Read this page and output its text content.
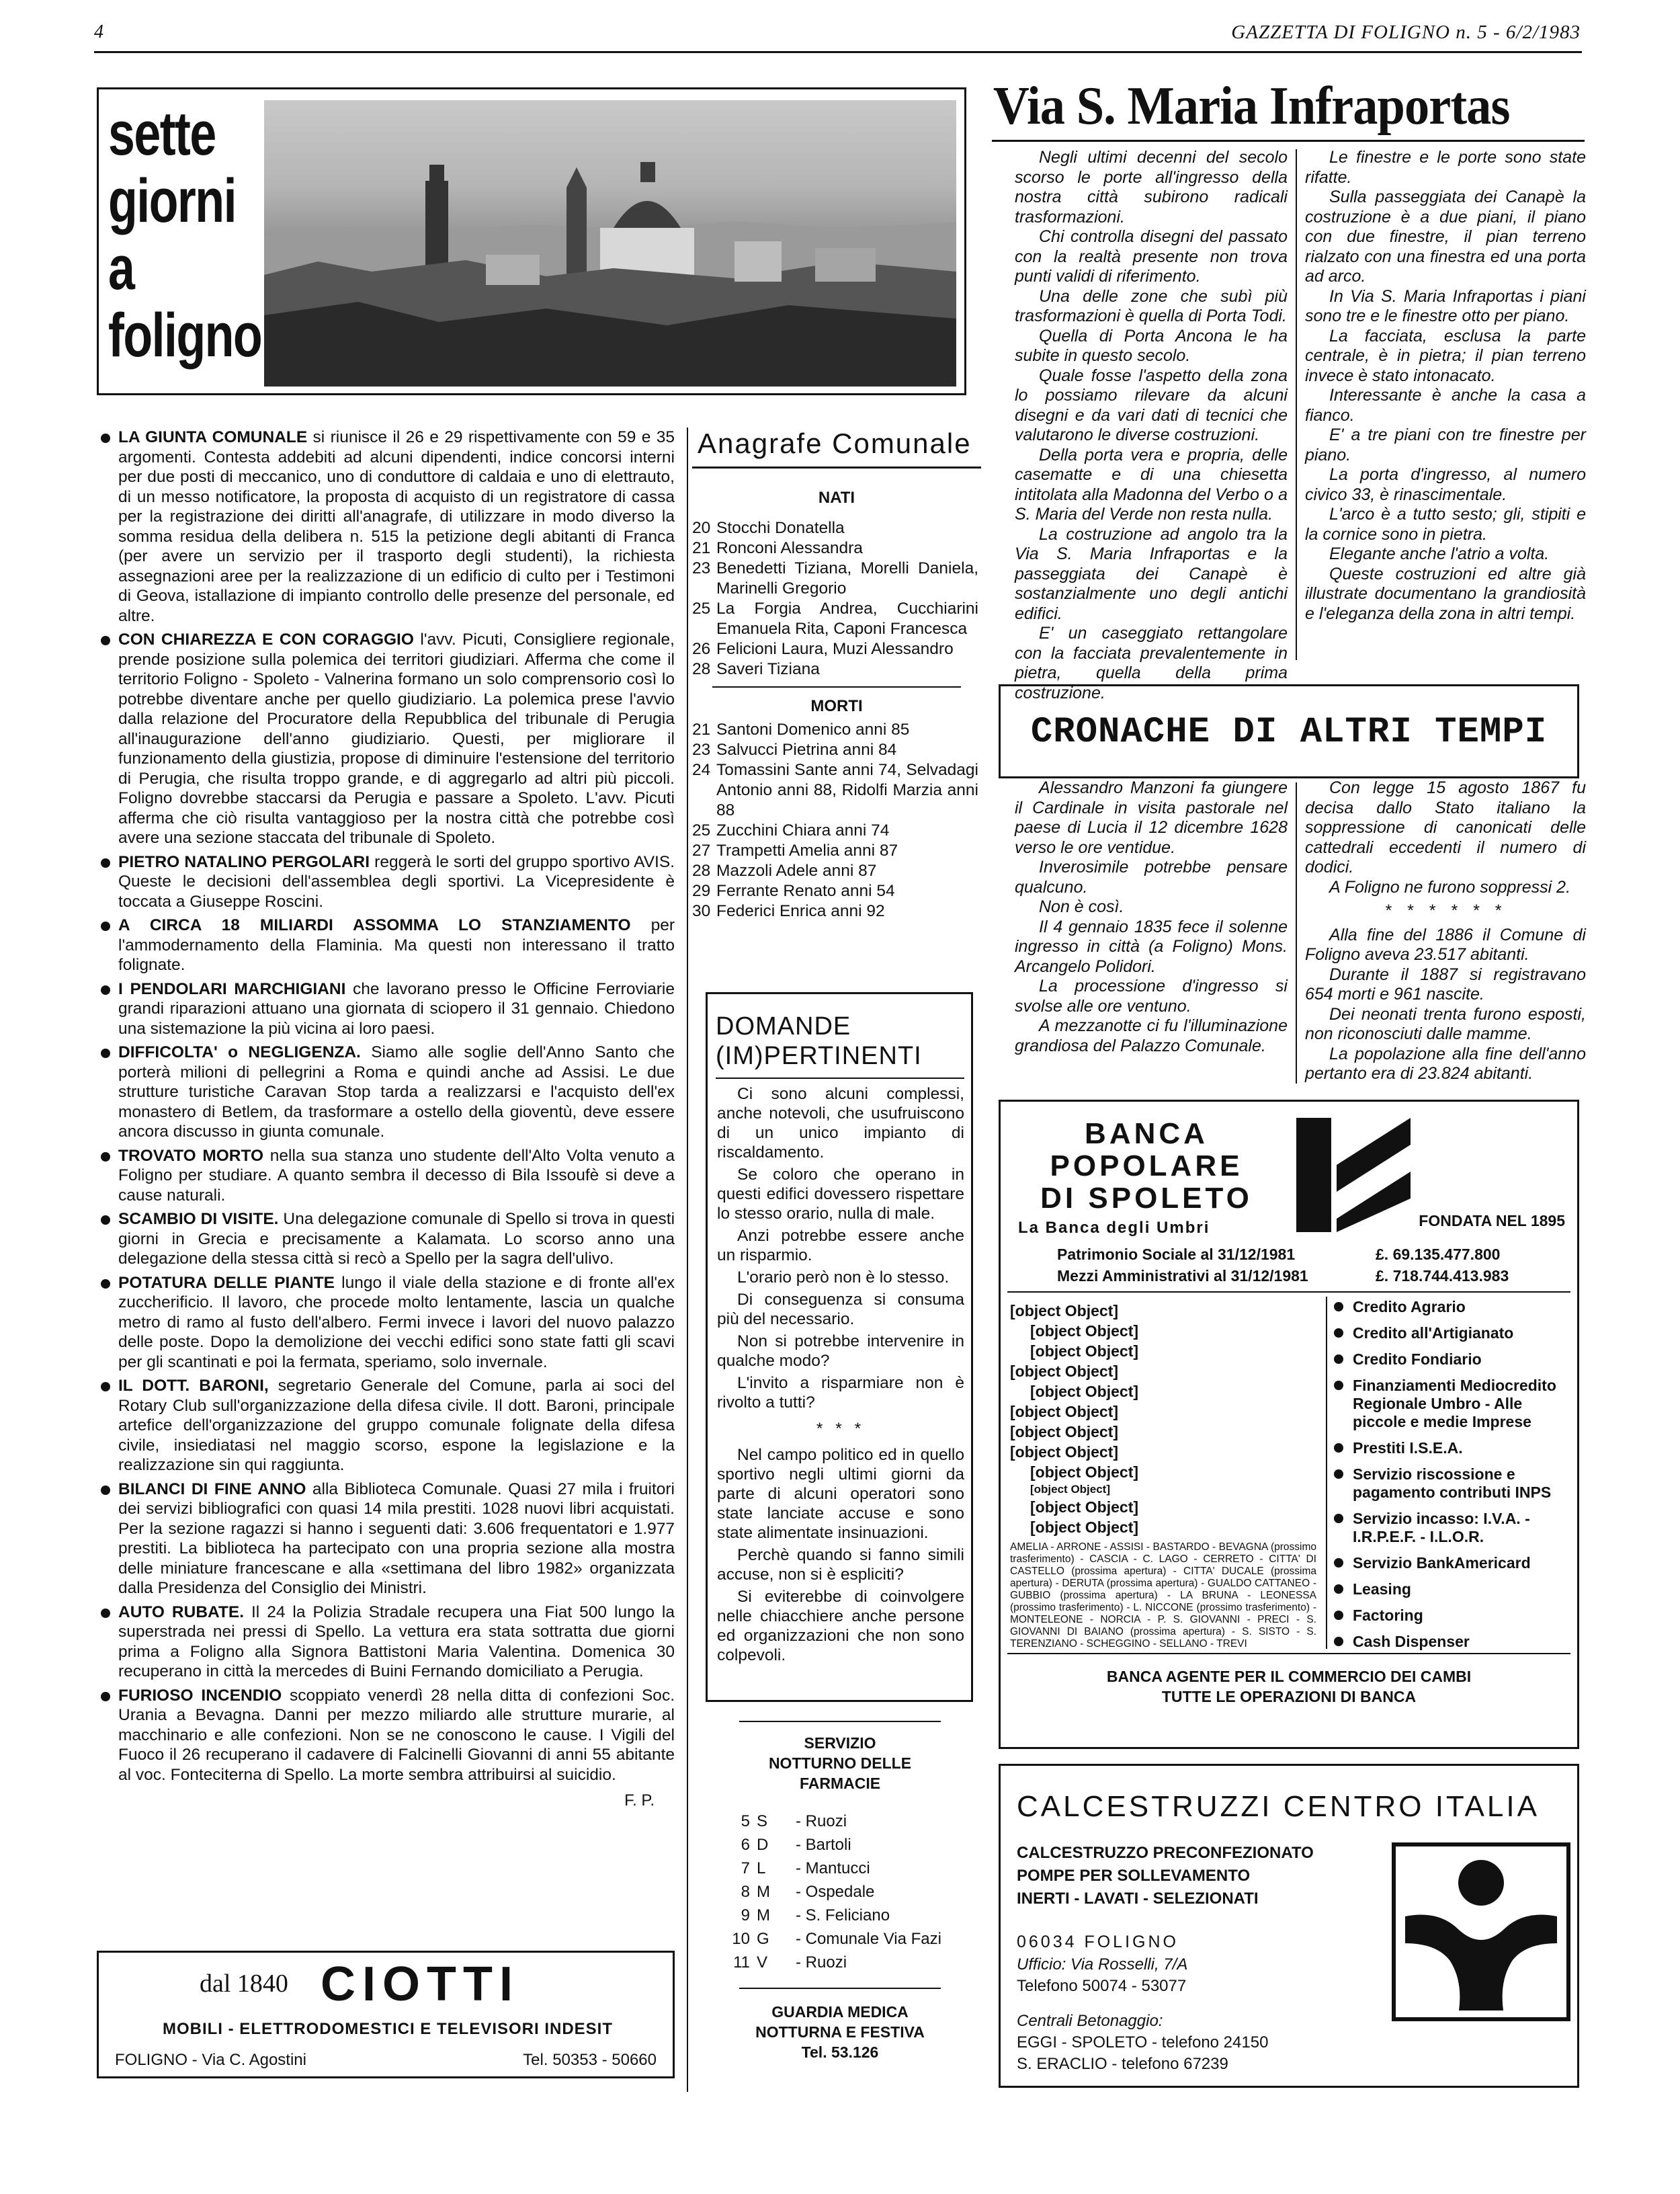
4	GAZZETTA DI FOLIGNO n. 5 - 6/2/1983
sette
giorni
a
foligno

LA GIUNTA COMUNALE si riunisce il 26 e 29 rispettivamente con 59 e 35 argomenti. Contesta addebiti ad alcuni dipendenti, indice concorsi interni per due posti di meccanico, uno di conduttore di caldaia e uno di elettrauto, di un messo notificatore, la proposta di acquisto di un registratore di cassa per la registrazione dei diritti all'anagrafe, di utilizzare in modo diverso la somma residua della delibera n. 515 la petizione degli abitanti di Franca (per avere un servizio per il trasporto degli studenti), la richiesta assegnazioni aree per la realizzazione di un edificio di culto per i Testimoni di Geova, istallazione di impianto controllo delle presenze del personale, ed altre.

CON CHIAREZZA E CON CORAGGIO l'avv. Picuti, Consigliere regionale, prende posizione sulla polemica dei territori giudiziari. Afferma che come il territorio Foligno - Spoleto - Valnerina formano un solo comprensorio così lo potrebbe diventare anche per quello giudiziario. La polemica prese l'avvio dalla relazione del Procuratore della Repubblica del tribunale di Perugia all'inaugurazione dell'anno giudiziario. Questi, per migliorare il funzionamento della giustizia, propose di diminuire l'estensione del territorio di Perugia, che risulta troppo grande, e di aggregarlo ad altri più piccoli. Foligno dovrebbe staccarsi da Perugia e passare a Spoleto. L'avv. Picuti afferma che ciò risulta vantaggioso per la nostra città che potrebbe così avere una sezione staccata del tribunale di Spoleto.

PIETRO NATALINO PERGOLARI reggerà le sorti del gruppo sportivo AVIS. Queste le decisioni dell'assemblea degli sportivi. La Vicepresidente è toccata a Giuseppe Roscini.

A CIRCA 18 MILIARDI ASSOMMA LO STANZIAMENTO per l'ammodernamento della Flaminia. Ma questi non interessano il tratto folignate.

I PENDOLARI MARCHIGIANI che lavorano presso le Officine Ferroviarie grandi riparazioni attuano una giornata di sciopero il 31 gennaio. Chiedono una sistemazione la più vicina ai loro paesi.

DIFFICOLTA' o NEGLIGENZA. Siamo alle soglie dell'Anno Santo che porterà milioni di pellegrini a Roma e quindi anche ad Assisi. Le due strutture turistiche Caravan Stop tarda a realizzarsi e l'acquisto dell'ex monastero di Betlem, da trasformare a ostello della gioventù, deve essere ancora discusso in giunta comunale.

TROVATO MORTO nella sua stanza uno studente dell'Alto Volta venuto a Foligno per studiare. A quanto sembra il decesso di Bila Issoufè si deve a cause naturali.

SCAMBIO DI VISITE. Una delegazione comunale di Spello si trova in questi giorni in Grecia e precisamente a Kalamata. Lo scorso anno una delegazione della stessa città si recò a Spello per la sagra dell'ulivo.

POTATURA DELLE PIANTE lungo il viale della stazione e di fronte all'ex zuccherificio. Il lavoro, che procede molto lentamente, lascia un qualche metro di ramo al fusto dell'albero. Fermi invece i lavori del nuovo palazzo delle poste. Dopo la demolizione dei vecchi edifici sono state fatti gli scavi per gli scantinati e poi la fermata, speriamo, solo invernale.

IL DOTT. BARONI, segretario Generale del Comune, parla ai soci del Rotary Club sull'organizzazione della difesa civile. Il dott. Baroni, principale artefice dell'organizzazione del gruppo comunale folignate della difesa civile, insiediatasi nel maggio scorso, espone la legislazione e la realizzazione sin qui raggiunta.

BILANCI DI FINE ANNO alla Biblioteca Comunale. Quasi 27 mila i fruitori dei servizi bibliografici con quasi 14 mila prestiti. 1028 nuovi libri acquistati. Per la sezione ragazzi si hanno i seguenti dati: 3.606 frequentatori e 1.977 prestiti. La biblioteca ha partecipato con una propria sezione alla mostra delle miniature francescane e alla «settimana del libro 1982» organizzata dalla Presidenza del Consiglio dei Ministri.

AUTO RUBATE. Il 24 la Polizia Stradale recupera una Fiat 500 lungo la superstrada nei pressi di Spello. La vettura era stata sottratta due giorni prima a Foligno alla Signora Battistoni Maria Valentina. Domenica 30 recuperano in città la mercedes di Buini Fernando domiciliato a Perugia.

FURIOSO INCENDIO scoppiato venerdì 28 nella ditta di confezioni Soc. Urania a Bevagna. Danni per mezzo miliardo alle strutture murarie, al macchinario e alle confezioni. Non se ne conoscono le cause. I Vigili del Fuoco il 26 recuperano il cadavere di Falcinelli Giovanni di anni 55 abitante al voc. Fonteciterna di Spello. La morte sembra attribuirsi al suicidio.

F. P.
dal 1840 CIOTTI
MOBILI - ELETTRODOMESTICI E TELEVISORI INDESIT
FOLIGNO - Via C. Agostini	Tel. 50353 - 50660
Anagrafe Comunale
NATI
20 Stocchi Donatella
21 Ronconi Alessandra
23 Benedetti Tiziana, Morelli Daniela, Marinelli Gregorio
25 La Forgia Andrea, Cucchiarini Emanuela Rita, Caponi Francesca
26 Felicioni Laura, Muzi Alessandro
28 Saveri Tiziana
MORTI
21 Santoni Domenico anni 85
23 Salvucci Pietrina anni 84
24 Tomassini Sante anni 74, Selvadagi Antonio anni 88, Ridolfi Marzia anni 88
25 Zucchini Chiara anni 74
27 Trampetti Amelia anni 87
28 Mazzoli Adele anni 87
29 Ferrante Renato anni 54
30 Federici Enrica anni 92
DOMANDE
(IM)PERTINENTI

Ci sono alcuni complessi, anche notevoli, che usufruiscono di un unico impianto di riscaldamento.

Se coloro che operano in questi edifici dovessero rispettare lo stesso orario, nulla di male.

Anzi potrebbe essere anche un risparmio.

L'orario però non è lo stesso.

Di conseguenza si consuma più del necessario.

Non si potrebbe intervenire in qualche modo?

L'invito a risparmiare non è rivolto a tutti?

* * *

Nel campo politico ed in quello sportivo negli ultimi giorni da parte di alcuni operatori sono state lanciate accuse e sono state alimentate insinuazioni.

Perchè quando si fanno simili accuse, non si è espliciti?

Si eviterebbe di coinvolgere nelle chiacchiere anche persone ed organizzazioni che non sono colpevoli.

SERVIZIO NOTTURNO DELLE FARMACIE
5 S	- Ruozi
6 D	- Bartoli
7 L	- Mantucci
8 M	- Ospedale
9 M	- S. Feliciano
10 G	- Comunale Via Fazi
11 V	- Ruozi
GUARDIA MEDICA
NOTTURNA E FESTIVA
Tel. 53.126
Via S. Maria Infraportas

Negli ultimi decenni del secolo scorso le porte all'ingresso della nostra città subirono radicali trasformazioni.

Chi controlla disegni del passato con la realtà presente non trova punti validi di riferimento.

Una delle zone che subì più trasformazioni è quella di Porta Todi.

Quella di Porta Ancona le ha subite in questo secolo.

Quale fosse l'aspetto della zona lo possiamo rilevare da alcuni disegni e da vari dati di tecnici che valutarono le diverse costruzioni.

Della porta vera e propria, delle casematte e di una chiesetta intitolata alla Madonna del Verbo o a S. Maria del Verde non resta nulla.

La costruzione ad angolo tra la Via S. Maria Infraportas e la passeggiata dei Canapè è sostanzialmente uno degli antichi edifici.

E' un caseggiato rettangolare con la facciata prevalentemente in pietra, quella della prima costruzione.

Le finestre e le porte sono state rifatte.

Sulla passeggiata dei Canapè la costruzione è a due piani, il piano con due finestre, il pian terreno rialzato con una finestra ed una porta ad arco.

In Via S. Maria Infraportas i piani sono tre e le finestre otto per piano.

La facciata, esclusa la parte centrale, è in pietra; il pian terreno invece è stato intonacato.

Interessante è anche la casa a fianco.

E' a tre piani con tre finestre per piano.

La porta d'ingresso, al numero civico 33, è rinascimentale.

L'arco è a tutto sesto; gli, stipiti e la cornice sono in pietra.

Elegante anche l'atrio a volta.

Queste costruzioni ed altre già illustrate documentano la grandiosità e l'eleganza della zona in altri tempi.

CRONACHE DI ALTRI TEMPI

Alessandro Manzoni fa giungere il Cardinale in visita pastorale nel paese di Lucia il 12 dicembre 1628 verso le ore ventidue.

Inverosimile potrebbe pensare qualcuno.

Non è così.

Il 4 gennaio 1835 fece il solenne ingresso in città (a Foligno) Mons. Arcangelo Polidori.

La processione d'ingresso si svolse alle ore ventuno.

A mezzanotte ci fu l'illuminazione grandiosa del Palazzo Comunale.

Con legge 15 agosto 1867 fu decisa dallo Stato italiano la soppressione di canonicati delle cattedrali eccedenti il numero di dodici.

A Foligno ne furono soppressi 2.

* * * * * *

Alla fine del 1886 il Comune di Foligno aveva 23.517 abitanti.

Durante il 1887 si registravano 654 morti e 961 nascite.

Dei neonati trenta furono esposti, non riconosciuti dalle mamme.

La popolazione alla fine dell'anno pertanto era di 23.824 abitanti.

BANCA
POPOLARE
DI SPOLETO
La Banca degli Umbri	FONDATA NEL 1895
Patrimonio Sociale al 31/12/1981	£. 69.135.477.800
Mezzi Amministrativi al 31/12/1981	£. 718.744.413.983
[object Object]
[object Object]
[object Object]
[object Object]
[object Object]
[object Object]
[object Object]
[object Object]
[object Object]
[object Object]
[object Object]
[object Object]
AMELIA - ARRONE - ASSISI - BASTARDO - BEVAGNA (prossimo trasferimento) - CASCIA - C. LAGO - CERRETO - CITTA' DI CASTELLO (prossima apertura) - CITTA' DUCALE (prossima apertura) - DERUTA (prossima apertura) - GUALDO CATTANEO - GUBBIO (prossima apertura) - LA BRUNA - LEONESSA (prossimo trasferimento) - L. NICCONE (prossimo trasferimento) - MONTELEONE - NORCIA - P. S. GIOVANNI - PRECI - S. GIOVANNI DI BAIANO (prossima apertura) - S. SISTO - S. TERENZIANO - SCHEGGINO - SELLANO - TREVI
Credito Agrario
Credito all'Artigianato
Credito Fondiario
Finanziamenti Mediocredito Regionale Umbro - Alle piccole e medie Imprese
Prestiti I.S.E.A.
Servizio riscossione e pagamento contributi INPS
Servizio incasso: I.V.A. - I.R.P.E.F. - I.L.O.R.
Servizio BankAmericard
Leasing
Factoring
Cash Dispenser
BANCA AGENTE PER IL COMMERCIO DEI CAMBI
TUTTE LE OPERAZIONI DI BANCA
CALCESTRUZZI CENTRO ITALIA
CALCESTRUZZO PRECONFEZIONATO
POMPE PER SOLLEVAMENTO
INERTI - LAVATI - SELEZIONATI
06034 FOLIGNO
Ufficio: Via Rosselli, 7/A
Telefono 50074 - 53077
Centrali Betonaggio:
EGGI - SPOLETO - telefono 24150
S. ERACLIO - telefono 67239
